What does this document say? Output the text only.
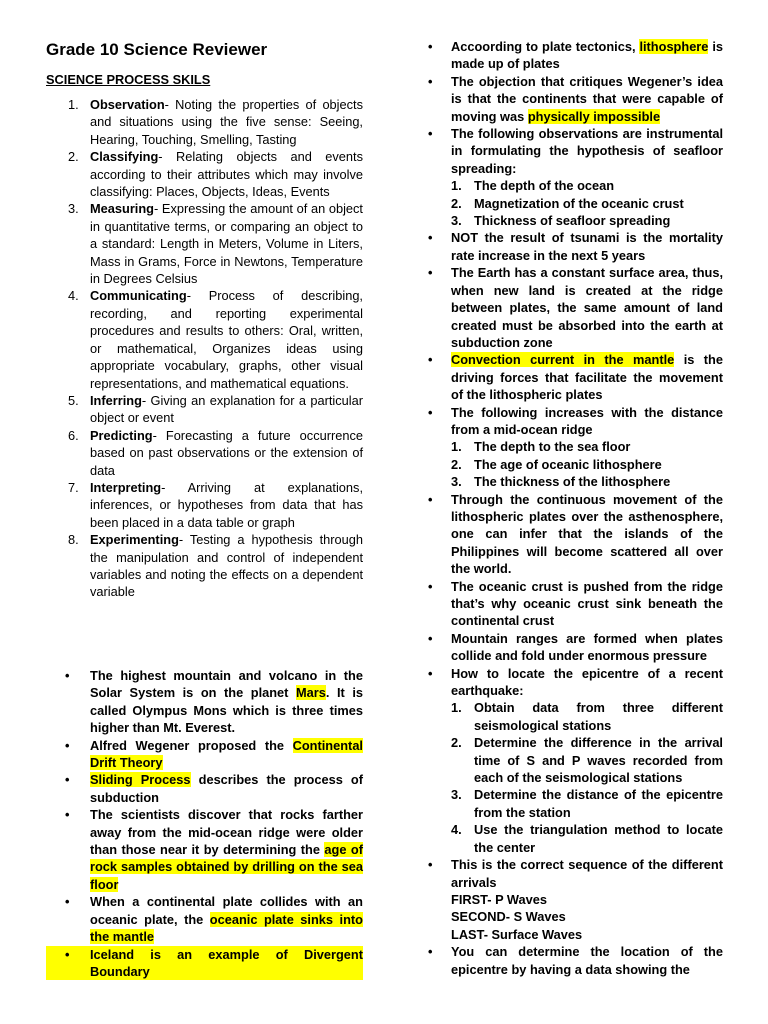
Grade 10 Science Reviewer
SCIENCE PROCESS SKILS
1. Observation- Noting the properties of objects and situations using the five sense: Seeing, Hearing, Touching, Smelling, Tasting
2. Classifying- Relating objects and events according to their attributes which may involve classifying: Places, Objects, Ideas, Events
3. Measuring- Expressing the amount of an object in quantitative terms, or comparing an object to a standard: Length in Meters, Volume in Liters, Mass in Grams, Force in Newtons, Temperature in Degrees Celsius
4. Communicating- Process of describing, recording, and reporting experimental procedures and results to others: Oral, written, or mathematical, Organizes ideas using appropriate vocabulary, graphs, other visual representations, and mathematical equations.
5. Inferring- Giving an explanation for a particular object or event
6. Predicting- Forecasting a future occurrence based on past observations or the extension of data
7. Interpreting- Arriving at explanations, inferences, or hypotheses from data that has been placed in a data table or graph
8. Experimenting- Testing a hypothesis through the manipulation and control of independent variables and noting the effects on a dependent variable
• The highest mountain and volcano in the Solar System is on the planet Mars. It is called Olympus Mons which is three times higher than Mt. Everest.
• Alfred Wegener proposed the Continental Drift Theory
• Sliding Process describes the process of subduction
• The scientists discover that rocks farther away from the mid-ocean ridge were older than those near it by determining the age of rock samples obtained by drilling on the sea floor
• When a continental plate collides with an oceanic plate, the oceanic plate sinks into the mantle
• Iceland is an example of Divergent Boundary
• Accoording to plate tectonics, lithosphere is made up of plates
• The objection that critiques Wegener’s idea is that the continents that were capable of moving was physically impossible
• The following observations are instrumental in formulating the hypothesis of seafloor spreading:
1. The depth of the ocean
2. Magnetization of the oceanic crust
3. Thickness of seafloor spreading
• NOT the result of tsunami is the mortality rate increase in the next 5 years
• The Earth has a constant surface area, thus, when new land is created at the ridge between plates, the same amount of land created must be absorbed into the earth at subduction zone
• Convection current in the mantle is the driving forces that facilitate the movement of the lithospheric plates
• The following increases with the distance from a mid-ocean ridge
1. The depth to the sea floor
2. The age of oceanic lithosphere
3. The thickness of the lithosphere
• Through the continuous movement of the lithospheric plates over the asthenosphere, one can infer that the islands of the Philippines will become scattered all over the world.
• The oceanic crust is pushed from the ridge that’s why oceanic crust sink beneath the continental crust
• Mountain ranges are formed when plates collide and fold under enormous pressure
• How to locate the epicentre of a recent earthquake:
1. Obtain data from three different seismological stations
2. Determine the difference in the arrival time of S and P waves recorded from each of the seismological stations
3. Determine the distance of the epicentre from the station
4. Use the triangulation method to locate the center
• This is the correct sequence of the different arrivals
FIRST- P Waves
SECOND- S Waves
LAST- Surface Waves
• You can determine the location of the epicentre by having a data showing the
